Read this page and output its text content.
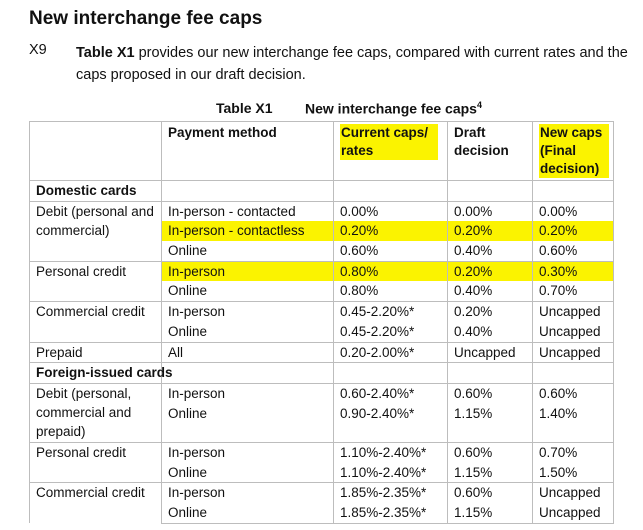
New interchange fee caps
X9 Table X1 provides our new interchange fee caps, compared with current rates and the caps proposed in our draft decision.
Table X1 New interchange fee caps$^4$
	Payment method	Current caps/ rates	Draft decision	New caps (Final decision)
Domestic cards				
Debit (personal and commercial)	In-person - contacted	0.00%	0.00%	0.00%
	In-person - contactless	0.20%	0.20%	0.20%
	Online	0.60%	0.40%	0.60%
Personal credit	In-person	0.80%	0.20%	0.30%
	Online	0.80%	0.40%	0.70%
Commercial credit	In-person	0.45-2.20%*	0.20%	Uncapped
	Online	0.45-2.20%*	0.40%	Uncapped
Prepaid	All	0.20-2.00%*	Uncapped	Uncapped
Foreign-issued cards				
Debit (personal, commercial and prepaid)	In-person	0.60-2.40%*	0.60%	0.60%
	Online	0.90-2.40%*	1.15%	1.40%
Personal credit	In-person	1.10%-2.40%*	0.60%	0.70%
	Online	1.10%-2.40%*	1.15%	1.50%
Commercial credit	In-person	1.85%-2.35%*	0.60%	Uncapped
	Online	1.85%-2.35%*	1.15%	Uncapped
